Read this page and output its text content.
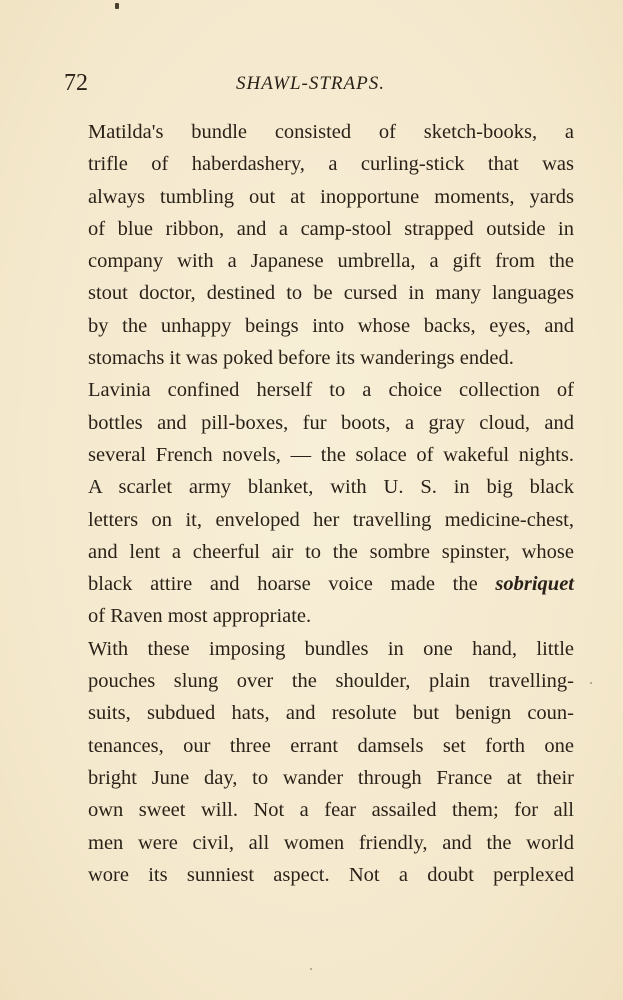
72	SHAWL-STRAPS.

Matilda's bundle consisted of sketch-books, a
trifle of haberdashery, a curling-stick that was
always tumbling out at inopportune moments, yards
of blue ribbon, and a camp-stool strapped outside in
company with a Japanese umbrella, a gift from the
stout doctor, destined to be cursed in many languages
by the unhappy beings into whose backs, eyes, and
stomachs it was poked before its wanderings ended.

Lavinia confined herself to a choice collection of
bottles and pill-boxes, fur boots, a gray cloud, and
several French novels, — the solace of wakeful nights.
A scarlet army blanket, with U. S. in big black
letters on it, enveloped her travelling medicine-chest,
and lent a cheerful air to the sombre spinster, whose
black attire and hoarse voice made the sobriquet
of Raven most appropriate.

With these imposing bundles in one hand, little
pouches slung over the shoulder, plain travelling-
suits, subdued hats, and resolute but benign coun-
tenances, our three errant damsels set forth one
bright June day, to wander through France at their
own sweet will. Not a fear assailed them; for all
men were civil, all women friendly, and the world
wore its sunniest aspect. Not a doubt perplexed
